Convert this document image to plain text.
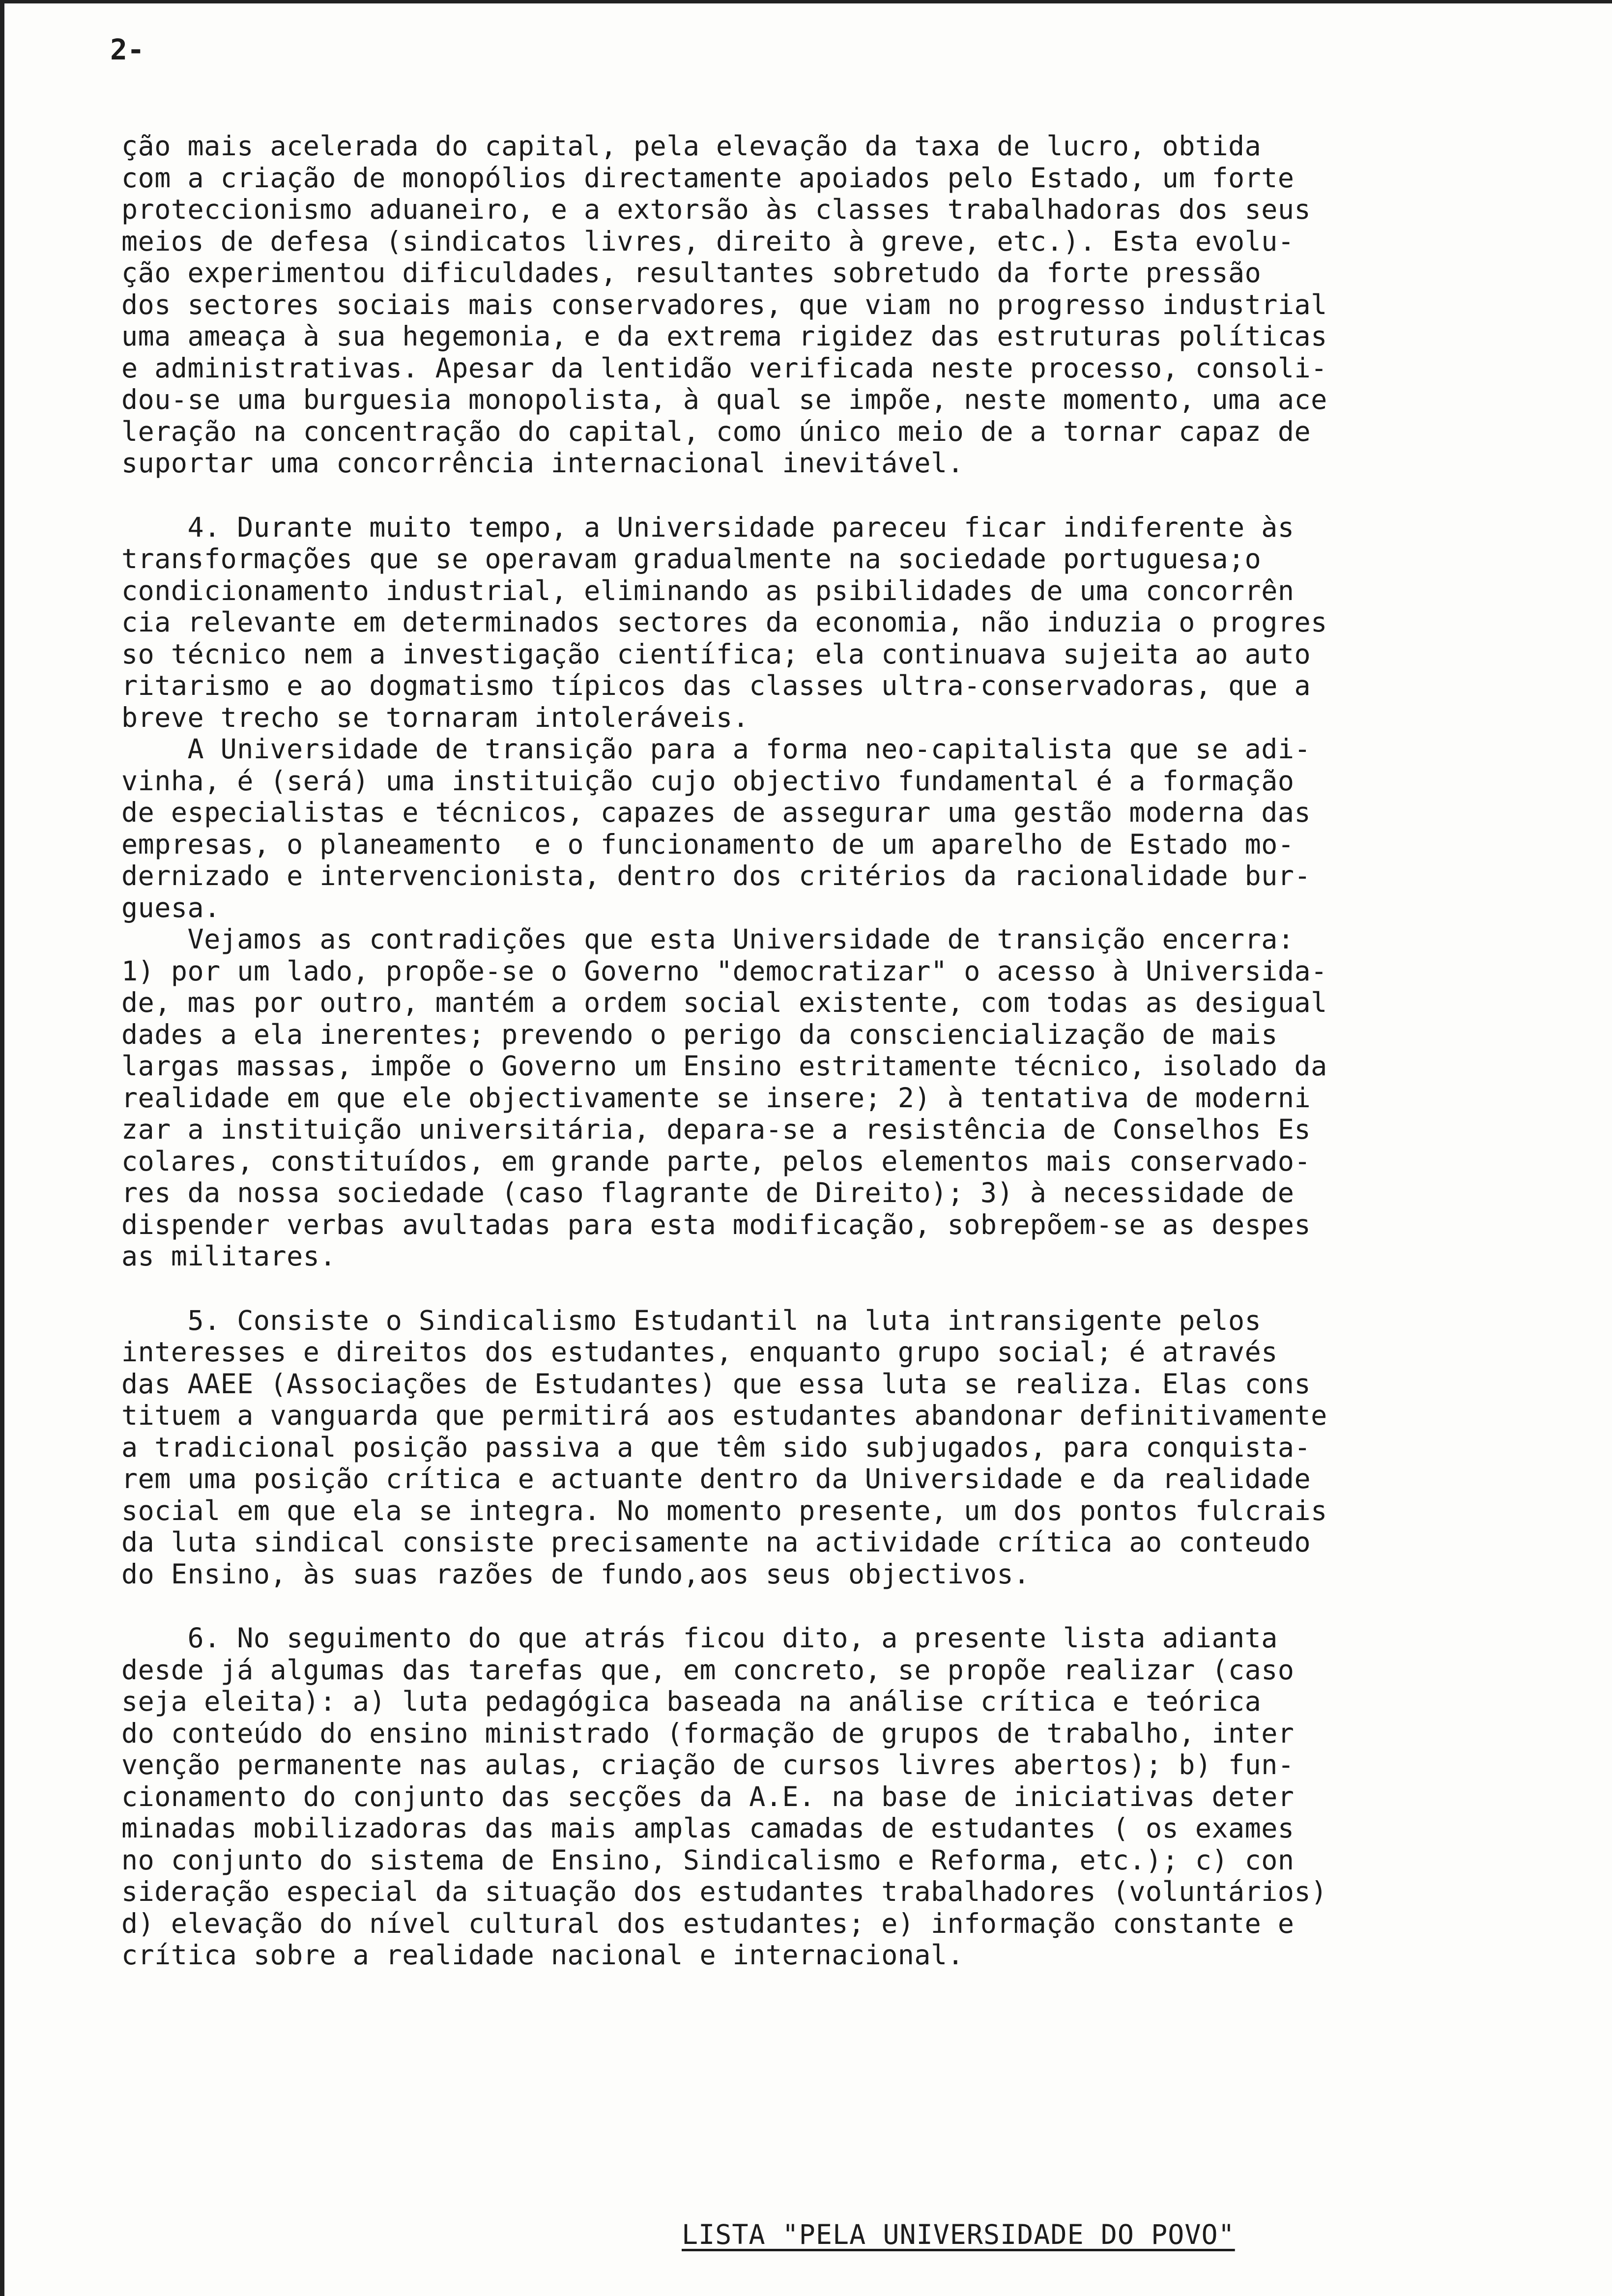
2-
ção mais acelerada do capital, pela elevação da taxa de lucro, obtida
com a criação de monopólios directamente apoiados pelo Estado, um forte
proteccionismo aduaneiro, e a extorsão às classes trabalhadoras dos seus
meios de defesa (sindicatos livres, direito à greve, etc.). Esta evolu-
ção experimentou dificuldades, resultantes sobretudo da forte pressão
dos sectores sociais mais conservadores, que viam no progresso industrial
uma ameaça à sua hegemonia, e da extrema rigidez das estruturas políticas
e administrativas. Apesar da lentidão verificada neste processo, consoli-
dou-se uma burguesia monopolista, à qual se impõe, neste momento, uma ace
leração na concentração do capital, como único meio de a tornar capaz de
suportar uma concorrência internacional inevitável.
4. Durante muito tempo, a Universidade pareceu ficar indiferente às
transformações que se operavam gradualmente na sociedade portuguesa;o
condicionamento industrial, eliminando as psibilidades de uma concorrên
cia relevante em determinados sectores da economia, não induzia o progres
so técnico nem a investigação científica; ela continuava sujeita ao auto
ritarismo e ao dogmatismo típicos das classes ultra-conservadoras, que a
breve trecho se tornaram intoleráveis.
A Universidade de transição para a forma neo-capitalista que se adi-
vinha, é (será) uma instituição cujo objectivo fundamental é a formação
de especialistas e técnicos, capazes de assegurar uma gestão moderna das
empresas, o planeamento  e o funcionamento de um aparelho de Estado mo-
dernizado e intervencionista, dentro dos critérios da racionalidade bur-
guesa.
Vejamos as contradições que esta Universidade de transição encerra:
1) por um lado, propõe-se o Governo "democratizar" o acesso à Universida-
de, mas por outro, mantém a ordem social existente, com todas as desigual
dades a ela inerentes; prevendo o perigo da consciencialização de mais
largas massas, impõe o Governo um Ensino estritamente técnico, isolado da
realidade em que ele objectivamente se insere; 2) à tentativa de moderni
zar a instituição universitária, depara-se a resistência de Conselhos Es
colares, constituídos, em grande parte, pelos elementos mais conservado-
res da nossa sociedade (caso flagrante de Direito); 3) à necessidade de
dispender verbas avultadas para esta modificação, sobrepõem-se as despes
as militares.
5. Consiste o Sindicalismo Estudantil na luta intransigente pelos
interesses e direitos dos estudantes, enquanto grupo social; é através
das AAEE (Associações de Estudantes) que essa luta se realiza. Elas cons
tituem a vanguarda que permitirá aos estudantes abandonar definitivamente
a tradicional posição passiva a que têm sido subjugados, para conquista-
rem uma posição crítica e actuante dentro da Universidade e da realidade
social em que ela se integra. No momento presente, um dos pontos fulcrais
da luta sindical consiste precisamente na actividade crítica ao conteudo
do Ensino, às suas razões de fundo,aos seus objectivos.
6. No seguimento do que atrás ficou dito, a presente lista adianta
desde já algumas das tarefas que, em concreto, se propõe realizar (caso
seja eleita): a) luta pedagógica baseada na análise crítica e teórica
do conteúdo do ensino ministrado (formação de grupos de trabalho, inter
venção permanente nas aulas, criação de cursos livres abertos); b) fun-
cionamento do conjunto das secções da A.E. na base de iniciativas deter
minadas mobilizadoras das mais amplas camadas de estudantes ( os exames
no conjunto do sistema de Ensino, Sindicalismo e Reforma, etc.); c) con
sideração especial da situação dos estudantes trabalhadores (voluntários)
d) elevação do nível cultural dos estudantes; e) informação constante e
crítica sobre a realidade nacional e internacional.
LISTA "PELA UNIVERSIDADE DO POVO"
